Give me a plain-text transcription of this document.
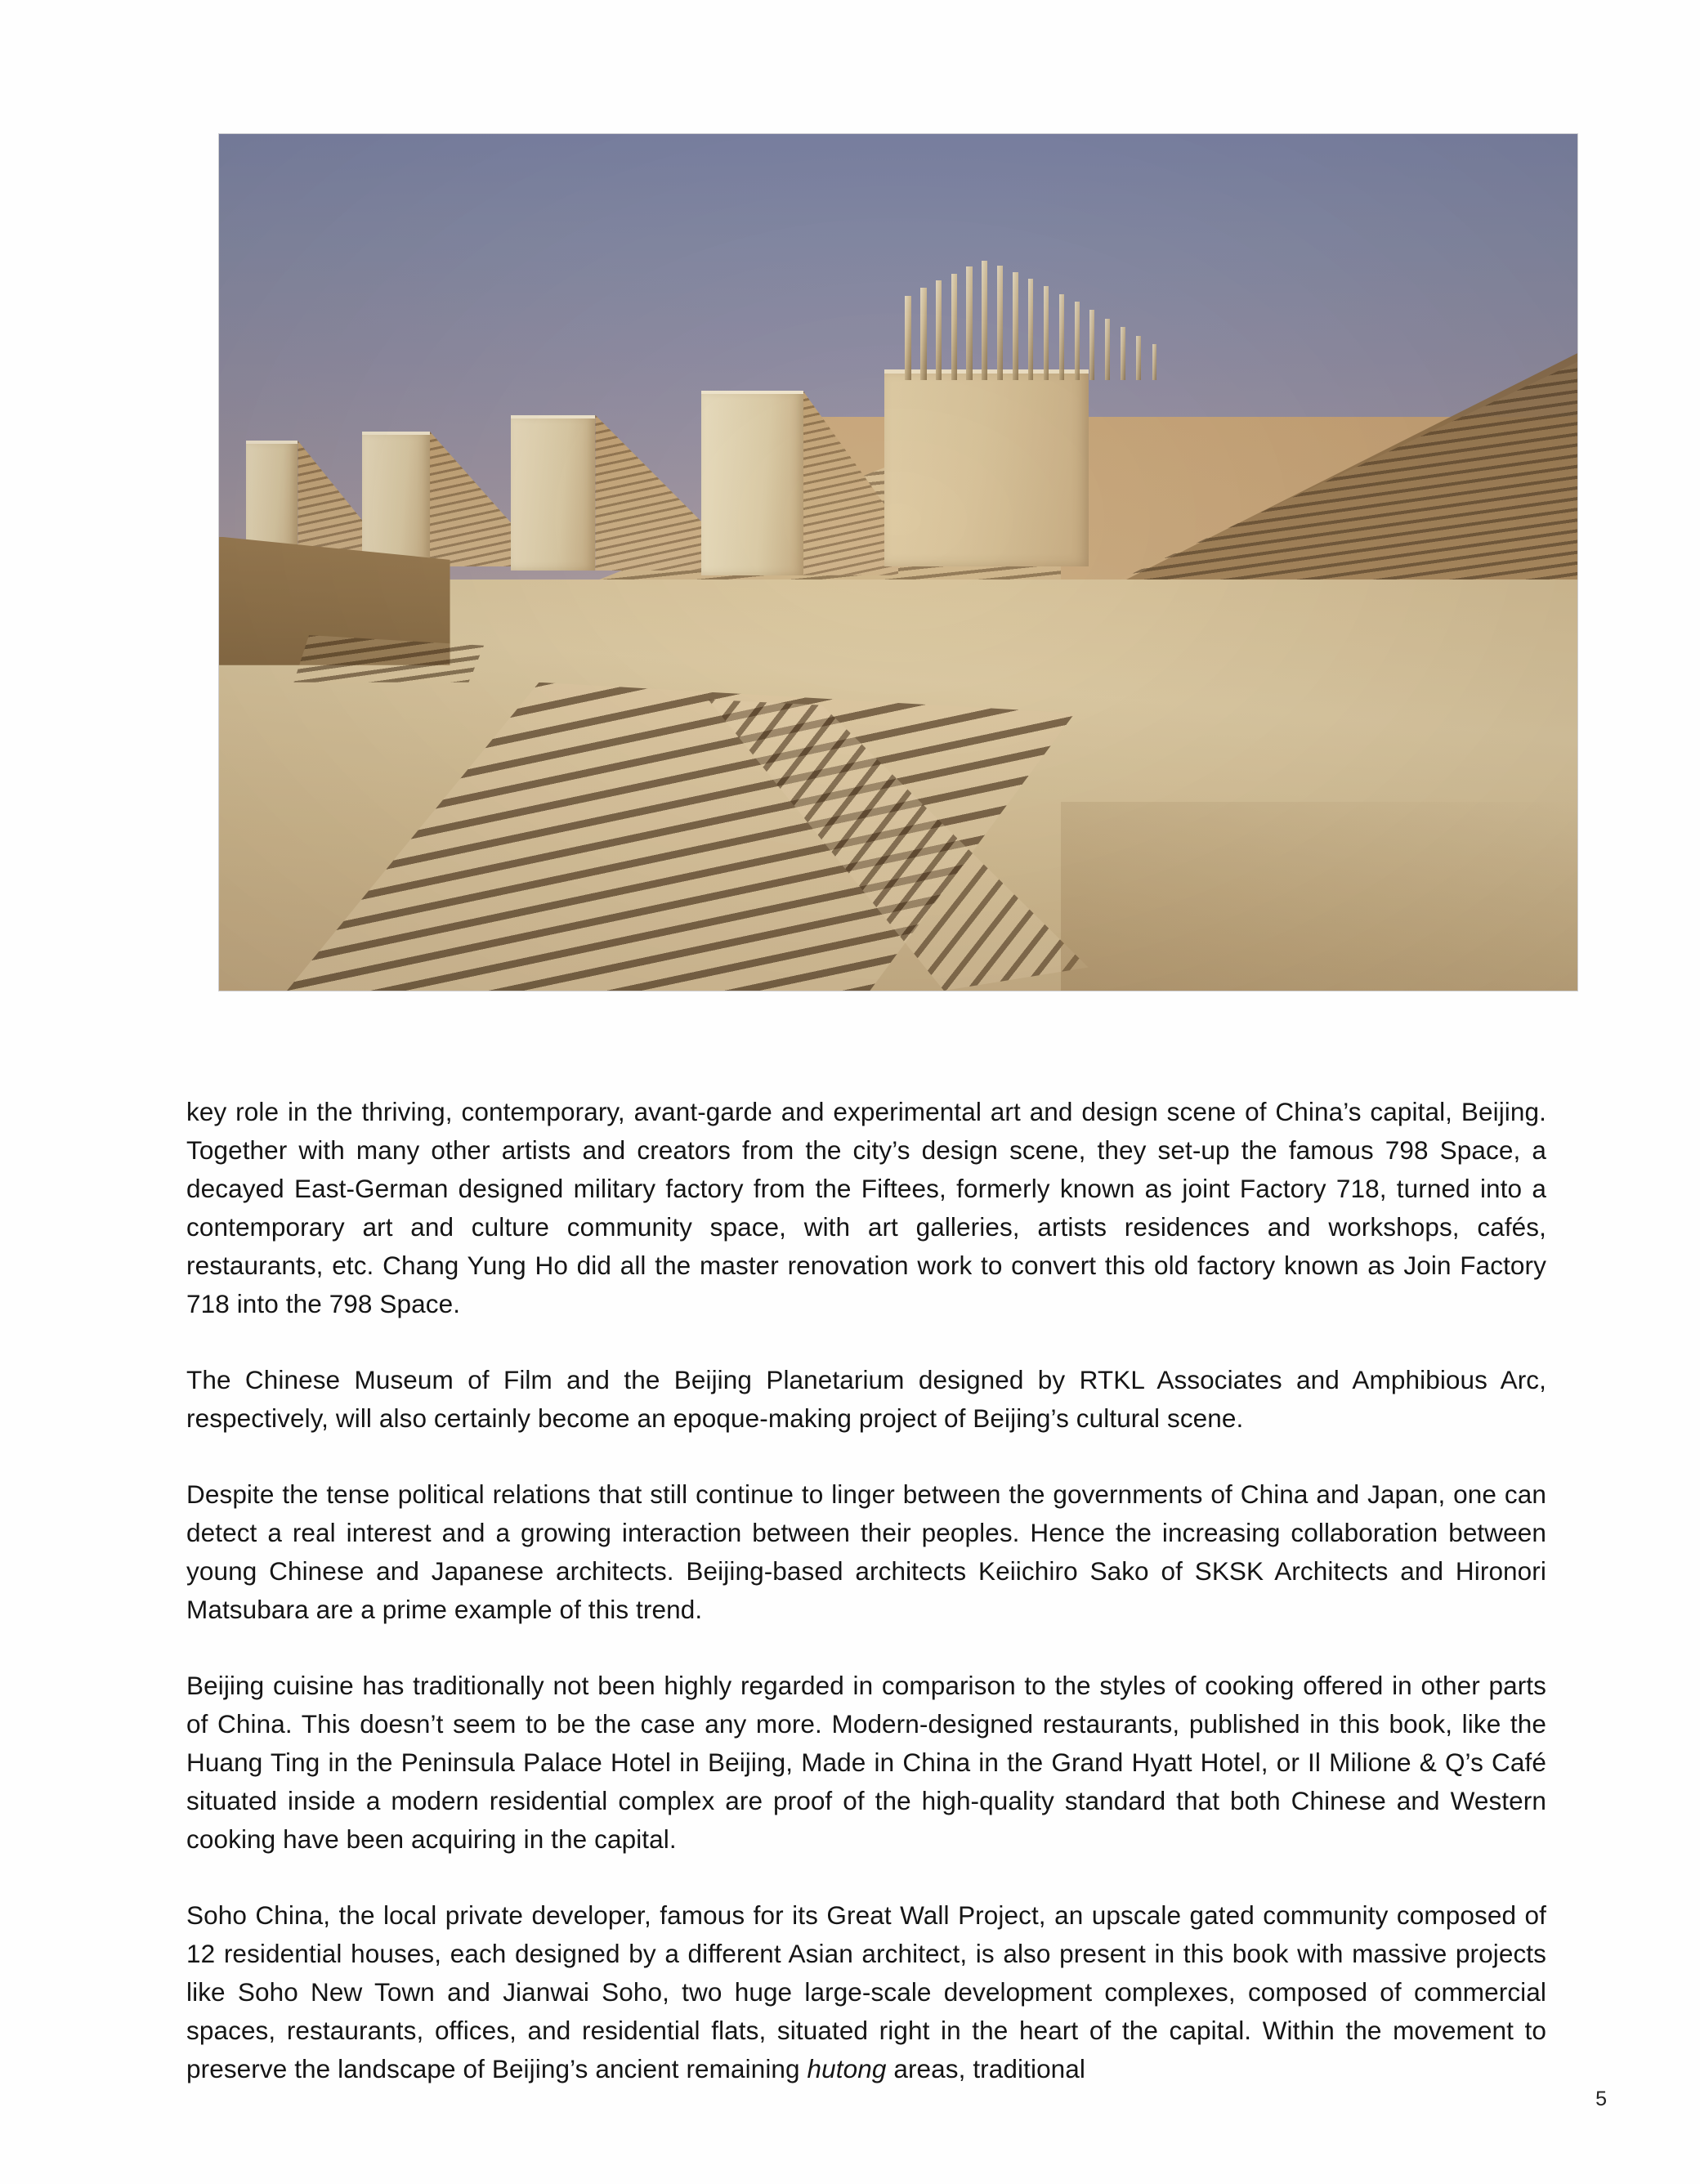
key role in the thriving, contemporary, avant-garde and experimental art and design scene of China’s capital, Beijing. Together with many other artists and creators from the city’s design scene, they set-up the famous 798 Space, a decayed East-German designed military factory from the Fiftees, formerly known as joint Factory 718, turned into a contemporary art and culture community space, with art galleries, artists residences and workshops, cafés, restaurants, etc. Chang Yung Ho did all the master renovation work to convert this old factory known as Join Factory 718 into the 798 Space.

The Chinese Museum of Film and the Beijing Planetarium designed by RTKL Associates and Amphibious Arc, respectively, will also certainly become an epoque-making project of Beijing’s cultural scene.

Despite the tense political relations that still continue to linger between the governments of China and Japan, one can detect a real interest and a growing interaction between their peoples. Hence the increasing collaboration between young Chinese and Japanese architects. Beijing-based architects Keiichiro Sako of SKSK Architects and Hironori Matsubara are a prime example of this trend.

Beijing cuisine has traditionally not been highly regarded in comparison to the styles of cooking offered in other parts of China. This doesn’t seem to be the case any more. Modern-designed restaurants, published in this book, like the Huang Ting in the Peninsula Palace Hotel in Beijing, Made in China in the Grand Hyatt Hotel, or Il Milione & Q’s Café situated inside a modern residential complex are proof of the high-quality standard that both Chinese and Western cooking have been acquiring in the capital.

Soho China, the local private developer, famous for its Great Wall Project, an upscale gated community composed of 12 residential houses, each designed by a different Asian architect, is also present in this book with massive projects like Soho New Town and Jianwai Soho, two huge large-scale development complexes, composed of commercial spaces, restaurants, offices, and residential flats, situated right in the heart of the capital. Within the movement to preserve the landscape of Beijing’s ancient remaining hutong areas, traditional

5
